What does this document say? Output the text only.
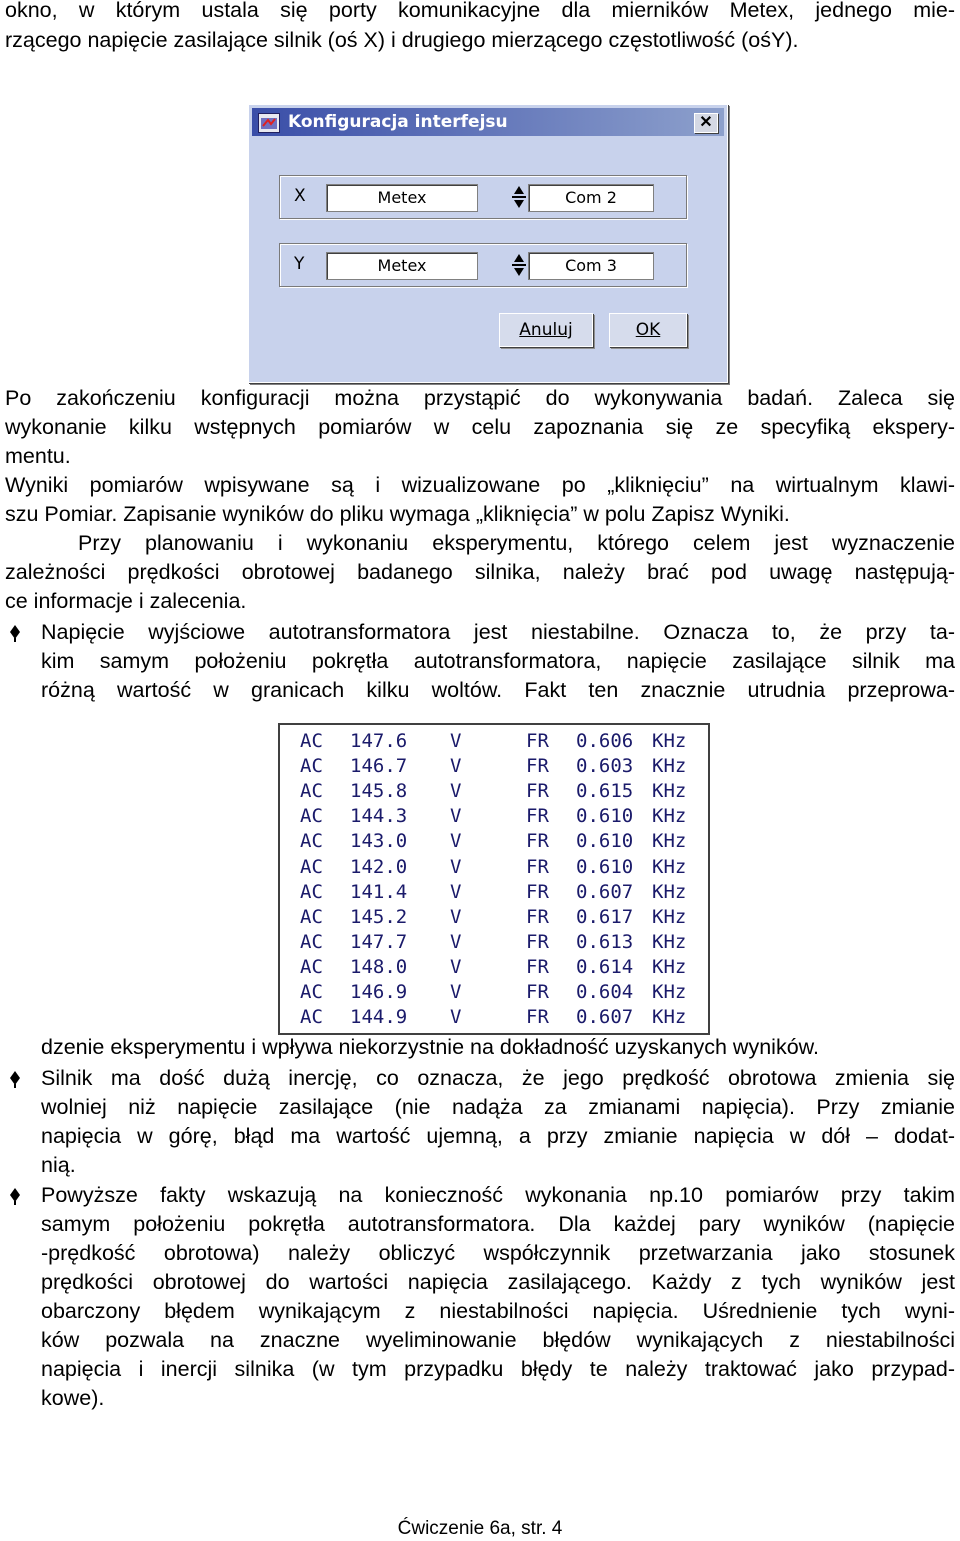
okno, w którym ustala się porty komunikacyjne dla mierników Metex, jednego mie-
rzącego napięcie zasilające silnik (oś X) i drugiego mierzącego częstotliwość (ośY).
Konfiguracja interfejsu	✕
X	Metex	Com 2
Y	Metex	Com 3
Anuluj	OK
Po zakończeniu konfiguracji można przystąpić do wykonywania badań. Zaleca się
wykonanie kilku wstępnych pomiarów w celu zapoznania się ze specyfiką ekspery-
mentu.
Wyniki pomiarów wpisywane są i wizualizowane po „kliknięciu” na wirtualnym klawi-
szu Pomiar. Zapisanie wyników do pliku wymaga „kliknięcia” w polu Zapisz Wyniki.
Przy planowaniu i wykonaniu eksperymentu, którego celem jest wyznaczenie
zależności prędkości obrotowej badanego silnika, należy brać pod uwagę następują-
ce informacje i zalecenia.
Napięcie wyjściowe autotransformatora jest niestabilne. Oznacza to, że przy ta-
kim samym położeniu pokrętła autotransformatora, napięcie zasilające silnik ma
różną wartość w granicach kilku woltów. Fakt ten znacznie utrudnia przeprowa-
AC 147.6 V	FR 0.606 KHz
AC 146.7 V	FR 0.603 KHz
AC 145.8 V	FR 0.615 KHz
AC 144.3 V	FR 0.610 KHz
AC 143.0 V	FR 0.610 KHz
AC 142.0 V	FR 0.610 KHz
AC 141.4 V	FR 0.607 KHz
AC 145.2 V	FR 0.617 KHz
AC 147.7 V	FR 0.613 KHz
AC 148.0 V	FR 0.614 KHz
AC 146.9 V	FR 0.604 KHz
AC 144.9 V	FR 0.607 KHz
dzenie eksperymentu i wpływa niekorzystnie na dokładność uzyskanych wyników.
Silnik ma dość dużą inercję, co oznacza, że jego prędkość obrotowa zmienia się
wolniej niż napięcie zasilające (nie nadąża za zmianami napięcia). Przy zmianie
napięcia w górę, błąd ma wartość ujemną, a przy zmianie napięcia w dół – dodat-
nią.
Powyższe fakty wskazują na konieczność wykonania np.10 pomiarów przy takim
samym położeniu pokrętła autotransformatora. Dla każdej pary wyników (napięcie
-prędkość obrotowa) należy obliczyć współczynnik przetwarzania jako stosunek
prędkości obrotowej do wartości napięcia zasilającego. Każdy z tych wyników jest
obarczony błędem wynikającym z niestabilności napięcia. Uśrednienie tych wyni-
ków pozwala na znaczne wyeliminowanie błędów wynikających z niestabilności
napięcia i inercji silnika (w tym przypadku błędy te należy traktować jako przypad-
kowe).
Ćwiczenie 6a, str. 4
